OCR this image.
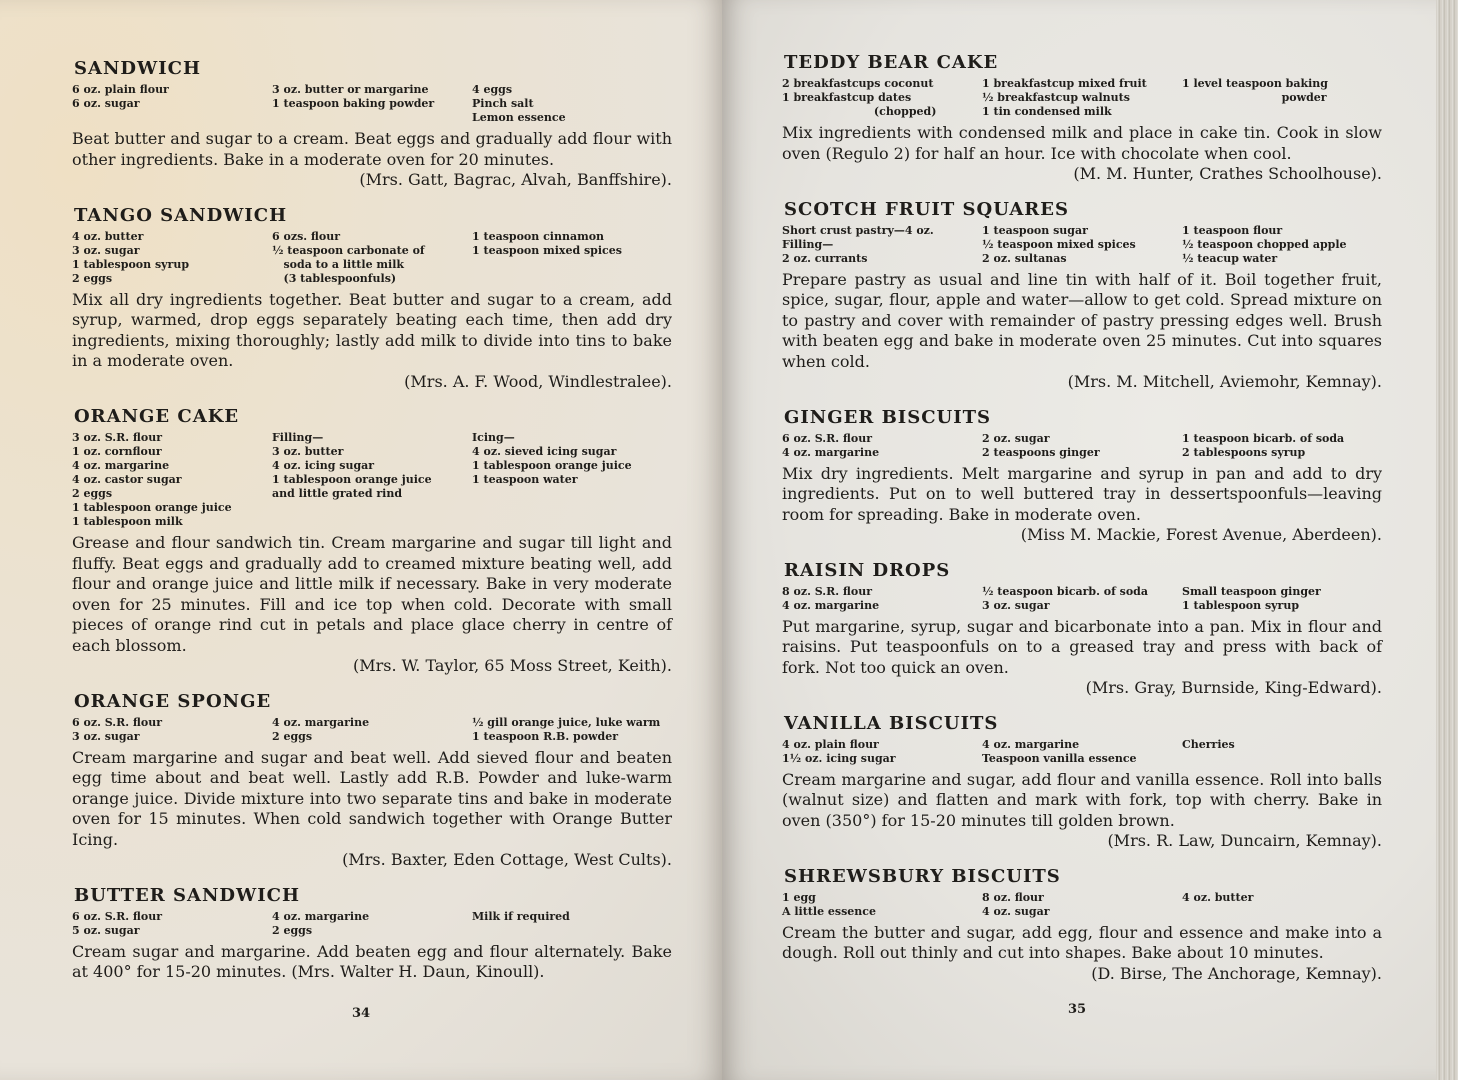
SANDWICH
6 oz. plain flour
6 oz. sugar
3 oz. butter or margarine
1 teaspoon baking powder
4 eggs
Pinch salt
Lemon essence

Beat butter and sugar to a cream. Beat eggs and gradually add flour with other ingredients. Bake in a moderate oven for 20 minutes.

(Mrs. Gatt, Bagrac, Alvah, Banffshire).

TANGO SANDWICH
4 oz. butter
3 oz. sugar
1 tablespoon syrup
2 eggs
6 ozs. flour
½ teaspoon carbonate of
soda to a little milk
(3 tablespoonfuls)
1 teaspoon cinnamon
1 teaspoon mixed spices

Mix all dry ingredients together. Beat butter and sugar to a cream, add syrup, warmed, drop eggs separately beating each time, then add dry ingredients, mixing thoroughly; lastly add milk to divide into tins to bake in a moderate oven.

(Mrs. A. F. Wood, Windlestralee).

ORANGE CAKE
3 oz. S.R. flour
1 oz. cornflour
4 oz. margarine
4 oz. castor sugar
2 eggs
1 tablespoon orange juice
1 tablespoon milk
Filling—
3 oz. butter
4 oz. icing sugar
1 tablespoon orange juice
and little grated rind
Icing—
4 oz. sieved icing sugar
1 tablespoon orange juice
1 teaspoon water

Grease and flour sandwich tin. Cream margarine and sugar till light and fluffy. Beat eggs and gradually add to creamed mixture beating well, add flour and orange juice and little milk if necessary. Bake in very moderate oven for 25 minutes. Fill and ice top when cold. Decorate with small pieces of orange rind cut in petals and place glace cherry in centre of each blossom.

(Mrs. W. Taylor, 65 Moss Street, Keith).

ORANGE SPONGE
6 oz. S.R. flour
3 oz. sugar
4 oz. margarine
2 eggs
½ gill orange juice, luke warm
1 teaspoon R.B. powder

Cream margarine and sugar and beat well. Add sieved flour and beaten egg time about and beat well. Lastly add R.B. Powder and luke-warm orange juice. Divide mixture into two separate tins and bake in moderate oven for 15 minutes. When cold sandwich together with Orange Butter Icing.

(Mrs. Baxter, Eden Cottage, West Cults).

BUTTER SANDWICH
6 oz. S.R. flour
5 oz. sugar
4 oz. margarine
2 eggs
Milk if required

Cream sugar and margarine. Add beaten egg and flour alternately. Bake at 400° for 15-20 minutes. (Mrs. Walter H. Daun, Kinoull).

34
TEDDY BEAR CAKE
2 breakfastcups coconut
1 breakfastcup dates
(chopped)
1 breakfastcup mixed fruit
½ breakfastcup walnuts
1 tin condensed milk
1 level teaspoon baking
powder

Mix ingredients with condensed milk and place in cake tin. Cook in slow oven (Regulo 2) for half an hour. Ice with chocolate when cool.

(M. M. Hunter, Crathes Schoolhouse).

SCOTCH FRUIT SQUARES
Short crust pastry—4 oz.
Filling—
2 oz. currants
1 teaspoon sugar
½ teaspoon mixed spices
2 oz. sultanas
1 teaspoon flour
½ teaspoon chopped apple
½ teacup water

Prepare pastry as usual and line tin with half of it. Boil together fruit, spice, sugar, flour, apple and water—allow to get cold. Spread mixture on to pastry and cover with remainder of pastry pressing edges well. Brush with beaten egg and bake in moderate oven 25 minutes. Cut into squares when cold.

(Mrs. M. Mitchell, Aviemohr, Kemnay).

GINGER BISCUITS
6 oz. S.R. flour
4 oz. margarine
2 oz. sugar
2 teaspoons ginger
1 teaspoon bicarb. of soda
2 tablespoons syrup

Mix dry ingredients. Melt margarine and syrup in pan and add to dry ingredients. Put on to well buttered tray in dessertspoonfuls—leaving room for spreading. Bake in moderate oven.

(Miss M. Mackie, Forest Avenue, Aberdeen).

RAISIN DROPS
8 oz. S.R. flour
4 oz. margarine
½ teaspoon bicarb. of soda
3 oz. sugar
Small teaspoon ginger
1 tablespoon syrup

Put margarine, syrup, sugar and bicarbonate into a pan. Mix in flour and raisins. Put teaspoonfuls on to a greased tray and press with back of fork. Not too quick an oven.

(Mrs. Gray, Burnside, King-Edward).

VANILLA BISCUITS
4 oz. plain flour
1½ oz. icing sugar
4 oz. margarine
Teaspoon vanilla essence
Cherries

Cream margarine and sugar, add flour and vanilla essence. Roll into balls (walnut size) and flatten and mark with fork, top with cherry. Bake in oven (350°) for 15-20 minutes till golden brown.

(Mrs. R. Law, Duncairn, Kemnay).

SHREWSBURY BISCUITS
1 egg
A little essence
8 oz. flour
4 oz. sugar
4 oz. butter

Cream the butter and sugar, add egg, flour and essence and make into a dough. Roll out thinly and cut into shapes. Bake about 10 minutes.

(D. Birse, The Anchorage, Kemnay).

35
